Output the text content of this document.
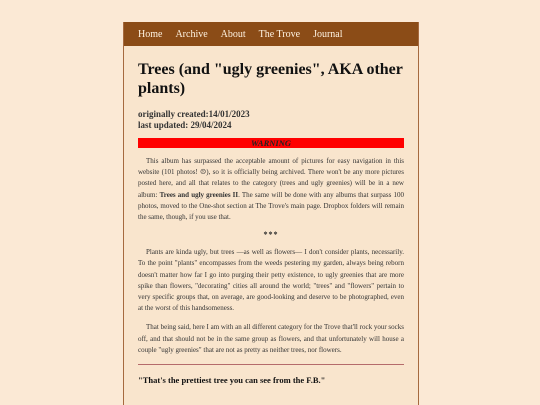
Home Archive About The Trove Journal
Trees (and "ugly greenies", AKA other plants)
originally created:14/01/2023
last updated: 29/04/2024
WARNING

This album has surpassed the acceptable amount of pictures for easy navigation in this website (101 photos! ☹), so it is officially being archived. There won't be any more pictures posted here, and all that relates to the category (trees and ugly greenies) will be in a new album: Trees and ugly greenies II. The same will be done with any albums that surpass 100 photos, moved to the One-shot section at The Trove's main page. Dropbox folders will remain the same, though, if you use that.

***

Plants are kinda ugly, but trees —as well as flowers— I don't consider plants, necessarily. To the point "plants" encompasses from the weeds pestering my garden, always being reborn doesn't matter how far I go into purging their petty existence, to ugly greenies that are more spike than flowers, "decorating" cities all around the world; "trees" and "flowers" pertain to very specific groups that, on average, are good-looking and deserve to be photographed, even at the worst of this handsomeness.

That being said, here I am with an all different category for the Trove that'll rock your socks off, and that should not be in the same group as flowers, and that unfortunately will house a couple "ugly greenies" that are not as pretty as neither trees, nor flowers.

"That's the prettiest tree you can see from the F.B."
